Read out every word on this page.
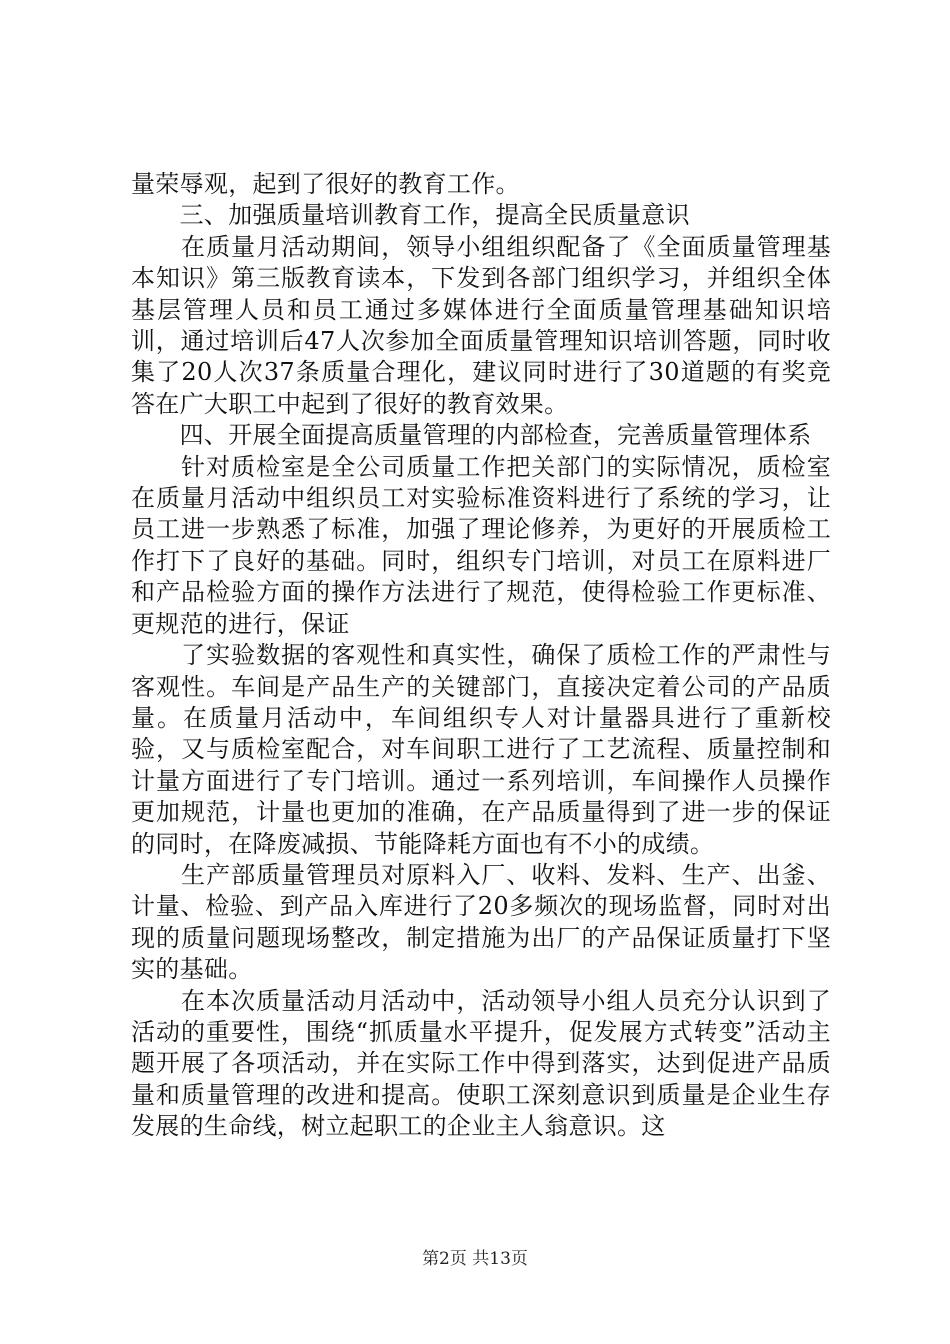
量荣辱观，起到了很好的教育工作。

　　三、加强质量培训教育工作，提高全民质量意识

　　在质量月活动期间，领导小组组织配备了《全面质量管理基本知识》第三版教育读本，下发到各部门组织学习，并组织全体基层管理人员和员工通过多媒体进行全面质量管理基础知识培训，通过培训后47人次参加全面质量管理知识培训答题，同时收集了20人次37条质量合理化，建议同时进行了30道题的有奖竞答在广大职工中起到了很好的教育效果。

　　四、开展全面提高质量管理的内部检查，完善质量管理体系

　　针对质检室是全公司质量工作把关部门的实际情况，质检室在质量月活动中组织员工对实验标准资料进行了系统的学习，让员工进一步熟悉了标准，加强了理论修养，为更好的开展质检工作打下了良好的基础。同时，组织专门培训，对员工在原料进厂和产品检验方面的操作方法进行了规范，使得检验工作更标准、更规范的进行，保证

　　了实验数据的客观性和真实性，确保了质检工作的严肃性与客观性。车间是产品生产的关键部门，直接决定着公司的产品质量。在质量月活动中，车间组织专人对计量器具进行了重新校验，又与质检室配合，对车间职工进行了工艺流程、质量控制和计量方面进行了专门培训。通过一系列培训，车间操作人员操作更加规范，计量也更加的准确，在产品质量得到了进一步的保证的同时，在降废减损、节能降耗方面也有不小的成绩。

　　生产部质量管理员对原料入厂、收料、发料、生产、出釜、计量、检验、到产品入库进行了20多频次的现场监督，同时对出现的质量问题现场整改，制定措施为出厂的产品保证质量打下坚实的基础。

　　在本次质量活动月活动中，活动领导小组人员充分认识到了活动的重要性，围绕“抓质量水平提升，促发展方式转变”活动主题开展了各项活动，并在实际工作中得到落实，达到促进产品质量和质量管理的改进和提高。使职工深刻意识到质量是企业生存发展的生命线，树立起职工的企业主人翁意识。这

第2页 共13页
